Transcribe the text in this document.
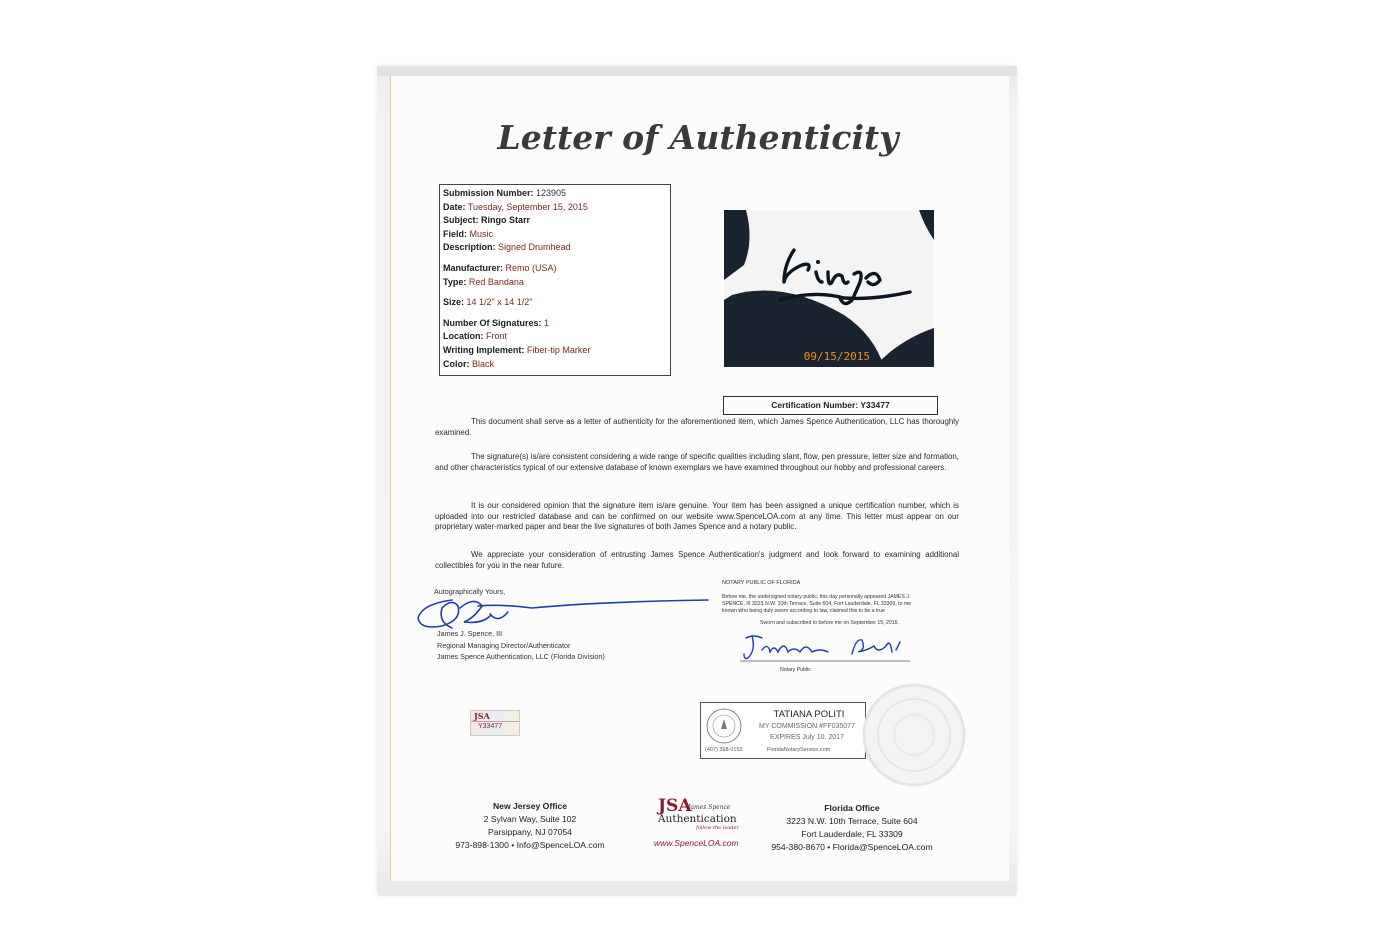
Letter of Authenticity
Submission Number: 123905
Date: Tuesday, September 15, 2015
Subject: Ringo Starr
Field: Music
Description: Signed Drumhead
Manufacturer: Remo (USA)
Type: Red Bandana
Size: 14 1/2" x 14 1/2"
Number Of Signatures: 1
Location: Front
Writing Implement: Fiber-tip Marker
Color: Black
09/15/2015
Certification Number: Y33477
This document shall serve as a letter of authenticity for the aforementioned item, which James Spence Authentication, LLC has thoroughly examined.
The signature(s) is/are consistent considering a wide range of specific qualities including slant, flow, pen pressure, letter size and formation, and other characteristics typical of our extensive database of known exemplars we have examined throughout our hobby and professional careers.
It is our considered opinion that the signature item is/are genuine. Your item has been assigned a unique certification number, which is uploaded into our restricted database and can be confirmed on our website www.SpenceLOA.com at any time. This letter must appear on our proprietary water-marked paper and bear the live signatures of both James Spence and a notary public.
We appreciate your consideration of entrusting James Spence Authentication's judgment and look forward to examining additional collectibles for you in the near future.
Autographically Yours,
James J. Spence, III
Regional Managing Director/Authenticator
James Spence Authentication, LLC (Florida Division)
NOTARY PUBLIC OF FLORIDA
Before me, the undersigned notary public, this day personally appeared JAMES J. SPENCE, III 3223 N.W. 10th Terrace, Suite 604, Fort Lauderdale, FL 33309, to me known who being duly sworn according to law, claimed this to be a true
Sworn and subscribed to before me on September 15, 2015.
Notary Public
TATIANA POLITI
MY COMMISSION #FF035077
EXPIRES July 10, 2017
(407) 398-0153	FloridaNotaryService.com
JSA
Y33477
New Jersey Office
2 Sylvan Way, Suite 102
Parsippany, NJ 07054
973-898-1300 • Info@SpenceLOA.com
JSA
James Spence
Authentication
follow the leader
www.SpenceLOA.com
Florida Office
3223 N.W. 10th Terrace, Suite 604
Fort Lauderdale, FL 33309
954-380-8670 • Florida@SpenceLOA.com
